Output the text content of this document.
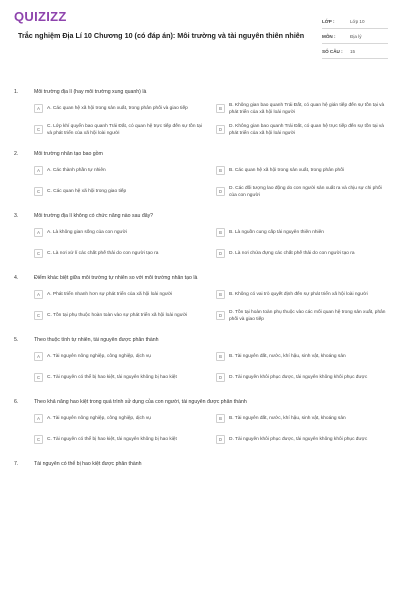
QUIZIZZ
Trắc nghiệm Địa Lí 10 Chương 10 (có đáp án): Môi trường và tài nguyên thiên nhiên
LỚP :	Lớp 10
MÔN :	Địa lý
SỐ CÂU :	15
1.	Môi trường địa lí (hay môi trường xung quanh) là
A	A. Các quan hệ xã hội trong sản xuất, trong phân phối và giao tiếp	B
B. Không gian bao quanh Trái Đất, có quan hệ gián tiếp đến sự tồn tại và phát triển của xã hội loài người
C
C. Lớp khí quyển bao quanh Trái Đất, có quan hệ trực tiếp đến sự tồn tại và phát triển của xã hội loài người
D
D. Không gian bao quanh Trái Đất, có quan hệ trực tiếp đến sự tồn tại và phát triển của xã hội loài người
2.	Môi trường nhân tạo bao gồm
A	A. Các thành phần tự nhiên	B	B. Các quan hệ xã hội trong sản xuất, trong phân phối
C	C. Các quan hệ xã hội trong giao tiếp	D
D. Các đối tượng lao động do con người sản xuất ra và chịu sự chi phối của con người
3.	Môi trường địa lí không có chức năng nào sau đây?
A	A. Là không gian sống của con người	B	B. Là nguồn cung cấp tài nguyên thiên nhiên
C	C. Là nơi xử lí các chất phế thải do con người tạo ra	D	D. Là nơi chứa đựng các chất phế thải do con người tạo ra
4.	Điểm khác biệt giữa môi trường tự nhiên so với môi trường nhân tạo là
A	A. Phát triển nhanh hơn sự phát triển của xã hội loài người	B	B. Không có vai trò quyết định đến sự phát triển xã hội loài người
C	C. Tồn tại phụ thuộc hoàn toàn vào sự phát triển xã hội loài người	D
D. Tồn tại hoàn toàn phụ thuộc vào các mối quan hệ trong sản xuất, phân phối và giao tiếp
5.	Theo thuộc tính tự nhiên, tài nguyên được phân thành
A	A. Tài nguyên nông nghiệp, công nghiệp, dịch vụ	B	B. Tài nguyên đất, nước, khí hậu, sinh vật, khoáng sản
C	C. Tài nguyên có thể bị hao kiệt, tài nguyên không bị hao kiệt	D	D. Tài nguyên khôi phục được, tài nguyên không khôi phục được
6.	Theo khả năng hao kiệt trong quá trình sử dụng của con người, tài nguyên được phân thành
A	A. Tài nguyên nông nghiệp, công nghiệp, dịch vụ	B	B. Tài nguyên đất, nước, khí hậu, sinh vật, khoáng sản
C	C. Tài nguyên có thể bị hao kiệt, tài nguyên không bị hao kiệt	D	D. Tài nguyên khôi phục được, tài nguyên không khôi phục được
7.	Tài nguyên có thể bị hao kiệt được phân thành
